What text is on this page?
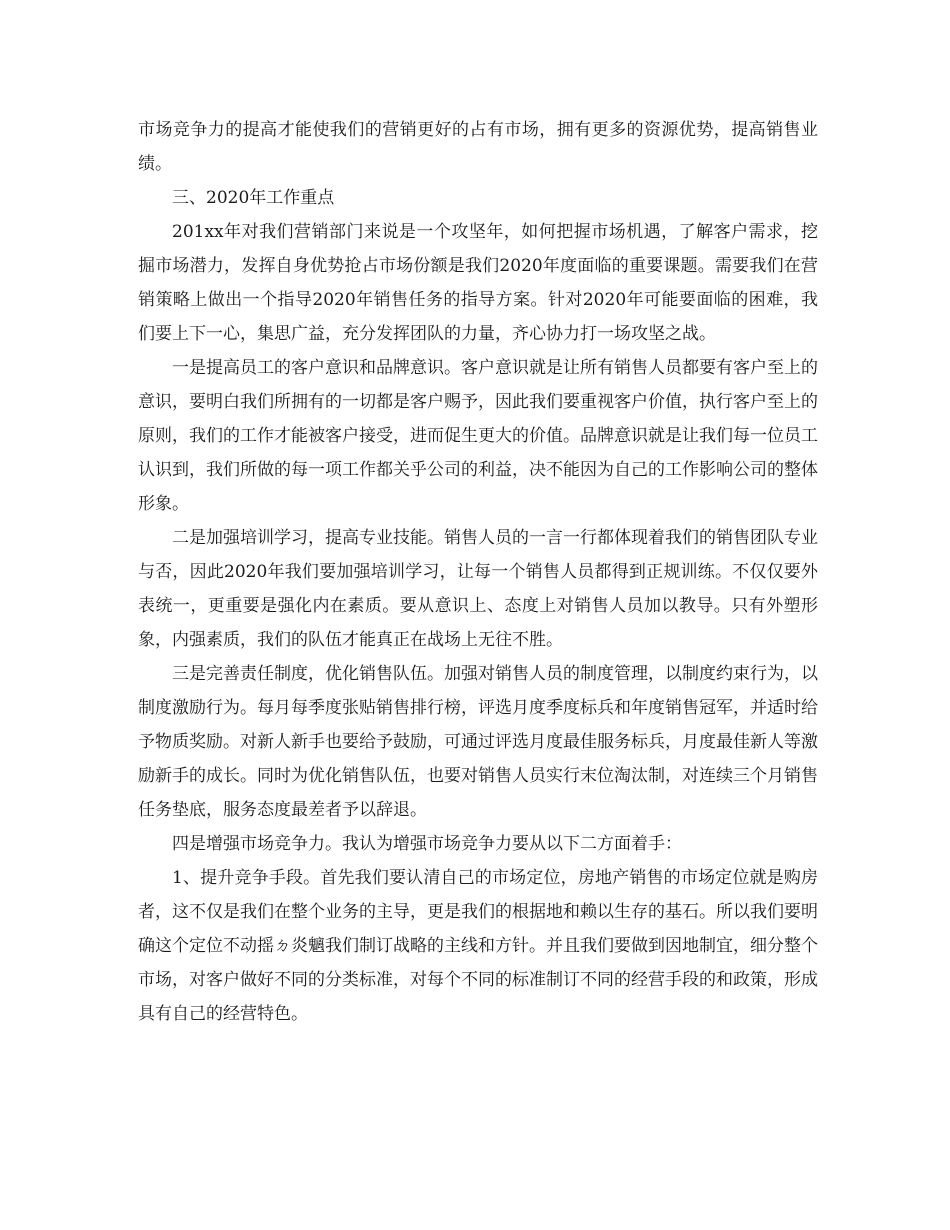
市场竞争力的提高才能使我们的营销更好的占有市场，拥有更多的资源优势，提高销售业绩。

三、2020年工作重点

201xx年对我们营销部门来说是一个攻坚年，如何把握市场机遇，了解客户需求，挖掘市场潜力，发挥自身优势抢占市场份额是我们2020年度面临的重要课题。需要我们在营销策略上做出一个指导2020年销售任务的指导方案。针对2020年可能要面临的困难，我们要上下一心，集思广益，充分发挥团队的力量，齐心协力打一场攻坚之战。

一是提高员工的客户意识和品牌意识。客户意识就是让所有销售人员都要有客户至上的意识，要明白我们所拥有的一切都是客户赐予，因此我们要重视客户价值，执行客户至上的原则，我们的工作才能被客户接受，进而促生更大的价值。品牌意识就是让我们每一位员工认识到，我们所做的每一项工作都关乎公司的利益，决不能因为自己的工作影响公司的整体形象。

二是加强培训学习，提高专业技能。销售人员的一言一行都体现着我们的销售团队专业与否，因此2020年我们要加强培训学习，让每一个销售人员都得到正规训练。不仅仅要外表统一，更重要是强化内在素质。要从意识上、态度上对销售人员加以教导。只有外塑形象，内强素质，我们的队伍才能真正在战场上无往不胜。

三是完善责任制度，优化销售队伍。加强对销售人员的制度管理，以制度约束行为，以制度激励行为。每月每季度张贴销售排行榜，评选月度季度标兵和年度销售冠军，并适时给予物质奖励。对新人新手也要给予鼓励，可通过评选月度最佳服务标兵，月度最佳新人等激励新手的成长。同时为优化销售队伍，也要对销售人员实行末位淘汰制，对连续三个月销售任务垫底，服务态度最差者予以辞退。

四是增强市场竞争力。我认为增强市场竞争力要从以下二方面着手：

1、提升竞争手段。首先我们要认清自己的市场定位，房地产销售的市场定位就是购房者，这不仅是我们在整个业务的主导，更是我们的根据地和赖以生存的基石。所以我们要明确这个定位不动摇ㄉ炎魑我们制订战略的主线和方针。并且我们要做到因地制宜，细分整个市场，对客户做好不同的分类标准，对每个不同的标准制订不同的经营手段的和政策，形成具有自己的经营特色。
